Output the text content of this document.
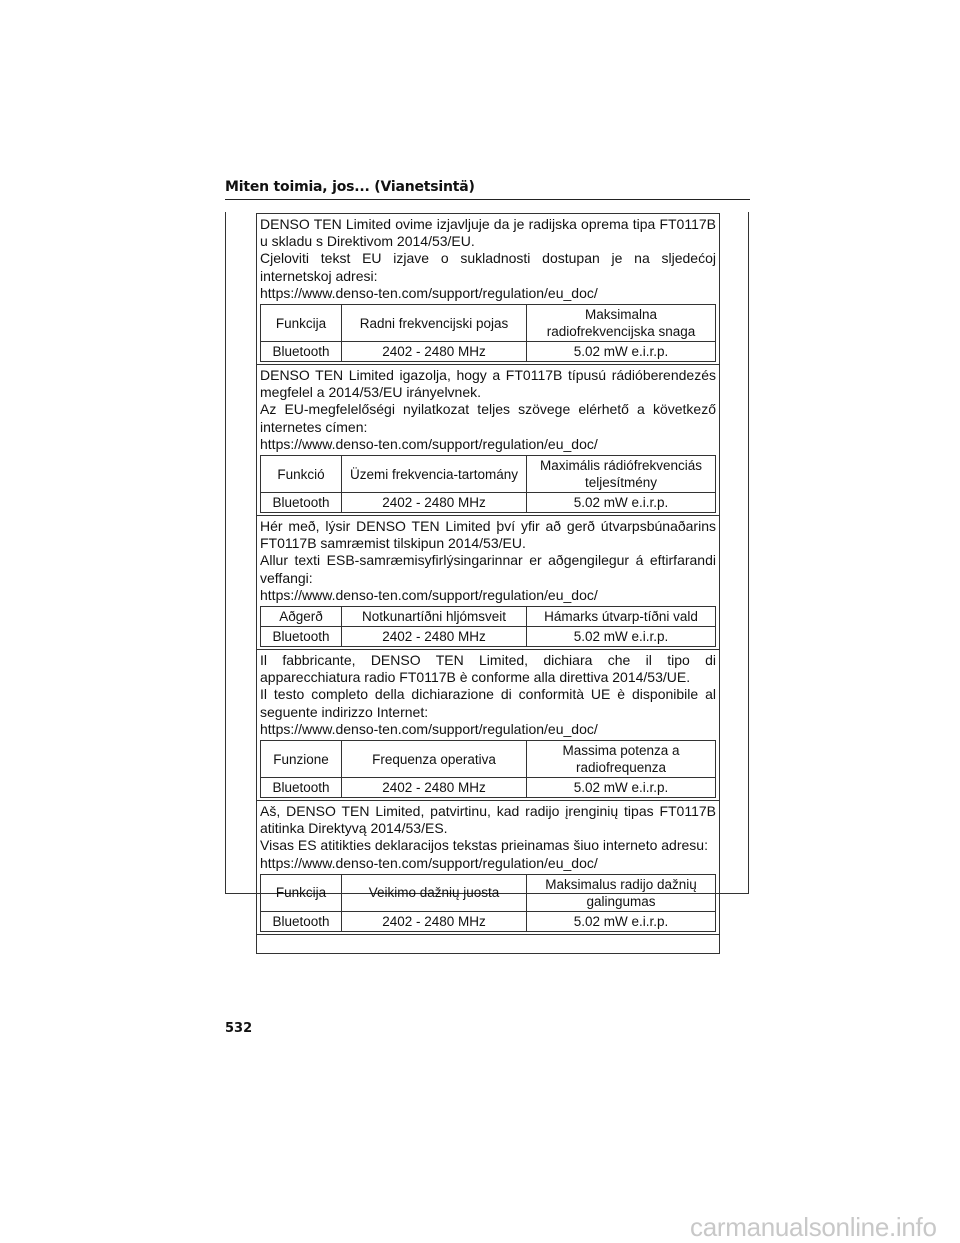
Miten toimia, jos... (Vianetsintä)
DENSO TEN Limited ovime izjavljuje da je radijska oprema tipa FT0117B u skladu s Direktivom 2014/53/EU.
Cjeloviti tekst EU izjave o sukladnosti dostupan je na sljedećoj internetskoj adresi:
https://www.denso-ten.com/support/regulation/eu_doc/
Funkcija	Radni frekvencijski pojas	Maksimalna
radiofrekvencijska snaga
Bluetooth	2402 - 2480 MHz	5.02 mW e.i.r.p.
DENSO TEN Limited igazolja, hogy a FT0117B típusú rádióberendezés megfelel a 2014/53/EU irányelvnek.
Az EU-megfelelőségi nyilatkozat teljes szövege elérhető a következő internetes címen:
https://www.denso-ten.com/support/regulation/eu_doc/
Funkció	Üzemi frekvencia-tartomány	Maximális rádiófrekvenciás
teljesítmény
Bluetooth	2402 - 2480 MHz	5.02 mW e.i.r.p.
Hér með, lýsir DENSO TEN Limited því yfir að gerð útvarpsbúnaðarins FT0117B samræmist tilskipun 2014/53/EU.
Allur texti ESB-samræmisyfirlýsingarinnar er aðgengilegur á eftirfarandi veffangi:
https://www.denso-ten.com/support/regulation/eu_doc/
Aðgerð	Notkunartíðni hljómsveit	Hámarks útvarp-tíðni vald
Bluetooth	2402 - 2480 MHz	5.02 mW e.i.r.p.
Il fabbricante, DENSO TEN Limited, dichiara che il tipo di apparecchiatura radio FT0117B è conforme alla direttiva 2014/53/UE.
Il testo completo della dichiarazione di conformità UE è disponibile al seguente indirizzo Internet:
https://www.denso-ten.com/support/regulation/eu_doc/
Funzione	Frequenza operativa	Massima potenza a
radiofrequenza
Bluetooth	2402 - 2480 MHz	5.02 mW e.i.r.p.
Aš, DENSO TEN Limited, patvirtinu, kad radijo įrenginių tipas FT0117B atitinka Direktyvą 2014/53/ES.
Visas ES atitikties deklaracijos tekstas prieinamas šiuo interneto adresu:
https://www.denso-ten.com/support/regulation/eu_doc/
Funkcija	Veikimo dažnių juosta	Maksimalus radijo dažnių
galingumas
Bluetooth	2402 - 2480 MHz	5.02 mW e.i.r.p.
532
carmanualsonline.info
